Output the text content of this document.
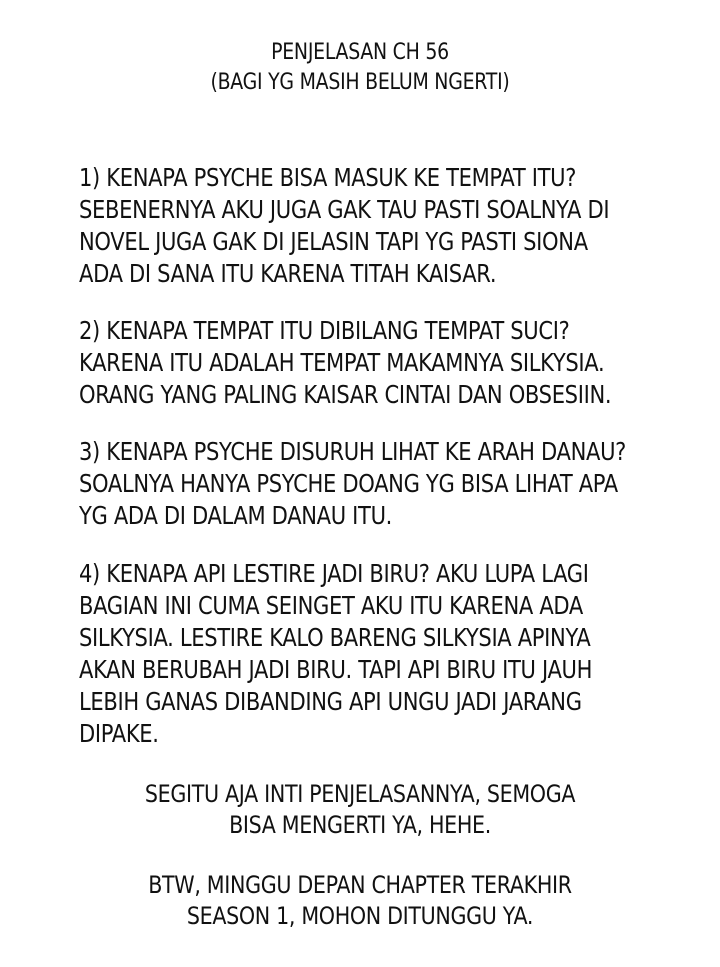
PENJELASAN CH 56
(BAGI YG MASIH BELUM NGERTI)
1) KENAPA PSYCHE BISA MASUK KE TEMPAT ITU?
SEBENERNYA AKU JUGA GAK TAU PASTI SOALNYA DI
NOVEL JUGA GAK DI JELASIN TAPI YG PASTI SIONA
ADA DI SANA ITU KARENA TITAH KAISAR.
2) KENAPA TEMPAT ITU DIBILANG TEMPAT SUCI?
KARENA ITU ADALAH TEMPAT MAKAMNYA SILKYSIA.
ORANG YANG PALING KAISAR CINTAI DAN OBSESIIN.
3) KENAPA PSYCHE DISURUH LIHAT KE ARAH DANAU?
SOALNYA HANYA PSYCHE DOANG YG BISA LIHAT APA
YG ADA DI DALAM DANAU ITU.
4) KENAPA API LESTIRE JADI BIRU? AKU LUPA LAGI
BAGIAN INI CUMA SEINGET AKU ITU KARENA ADA
SILKYSIA. LESTIRE KALO BARENG SILKYSIA APINYA
AKAN BERUBAH JADI BIRU. TAPI API BIRU ITU JAUH
LEBIH GANAS DIBANDING API UNGU JADI JARANG
DIPAKE.
SEGITU AJA INTI PENJELASANNYA, SEMOGA
BISA MENGERTI YA, HEHE.
BTW, MINGGU DEPAN CHAPTER TERAKHIR
SEASON 1, MOHON DITUNGGU YA.
